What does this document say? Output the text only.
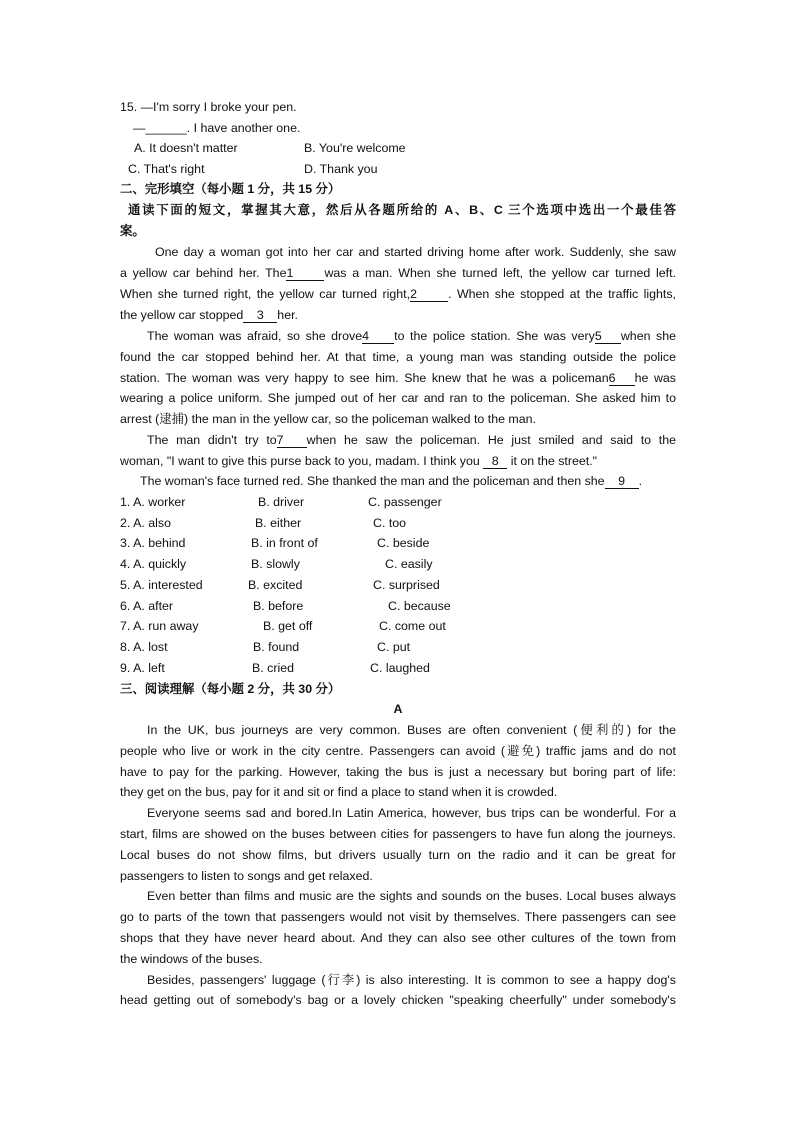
15. —I'm sorry I broke your pen.
—______. I have another one.
A. It doesn't matter	B. You're welcome
C. That's right	D. Thank you
二、完形填空（每小题 1 分，共 15 分）
通读下面的短文，掌握其大意，然后从各题所给的 A、B、C 三个选项中选出一个最佳答
案。
One day a woman got into her car and started driving home after work. Suddenly, she saw
a yellow car behind her. The1	was a man. When she turned left, the yellow car turned left.
When she turned right, the yellow car turned right,2	. When she stopped at the traffic lights,
the yellow car stopped 3 her.
The woman was afraid, so she drove4 to the police station. She was very5 when she
found the car stopped behind her. At that time, a young man was standing outside the police
station. The woman was very happy to see him. She knew that he was a policeman6 he was
wearing a police uniform. She jumped out of her car and ran to the policeman. She asked him to
arrest (逮捕) the man in the yellow car, so the policeman walked to the man.
The man didn't try to7 when he saw the policeman. He just smiled and said to the
woman, "I want to give this purse back to you, madam. I think you 8 it on the street."
The woman's face turned red. She thanked the man and the policeman and then she 9 .
1. A. worker	B. driver	C. passenger
2. A. also	B. either	C. too
3. A. behind	B. in front of	C. beside
4. A. quickly	B. slowly	C. easily
5. A. interested	B. excited	C. surprised
6. A. after	B. before	C. because
7. A. run away	B. get off	C. come out
8. A. lost	B. found	C. put
9. A. left	B. cried	C. laughed
三、阅读理解（每小题 2 分，共 30 分）
A
In the UK, bus journeys are very common. Buses are often convenient (便利的) for the
people who live or work in the city centre. Passengers can avoid (避免) traffic jams and do not
have to pay for the parking. However, taking the bus is just a necessary but boring part of life:
they get on the bus, pay for it and sit or find a place to stand when it is crowded.
Everyone seems sad and bored.In Latin America, however, bus trips can be wonderful. For a
start, films are showed on the buses between cities for passengers to have fun along the journeys.
Local buses do not show films, but drivers usually turn on the radio and it can be great for
passengers to listen to songs and get relaxed.
Even better than films and music are the sights and sounds on the buses. Local buses always
go to parts of the town that passengers would not visit by themselves. There passengers can see
shops that they have never heard about. And they can also see other cultures of the town from
the windows of the buses.
Besides, passengers' luggage (行李) is also interesting. It is common to see a happy dog's
head getting out of somebody's bag or a lovely chicken "speaking cheerfully" under somebody's
